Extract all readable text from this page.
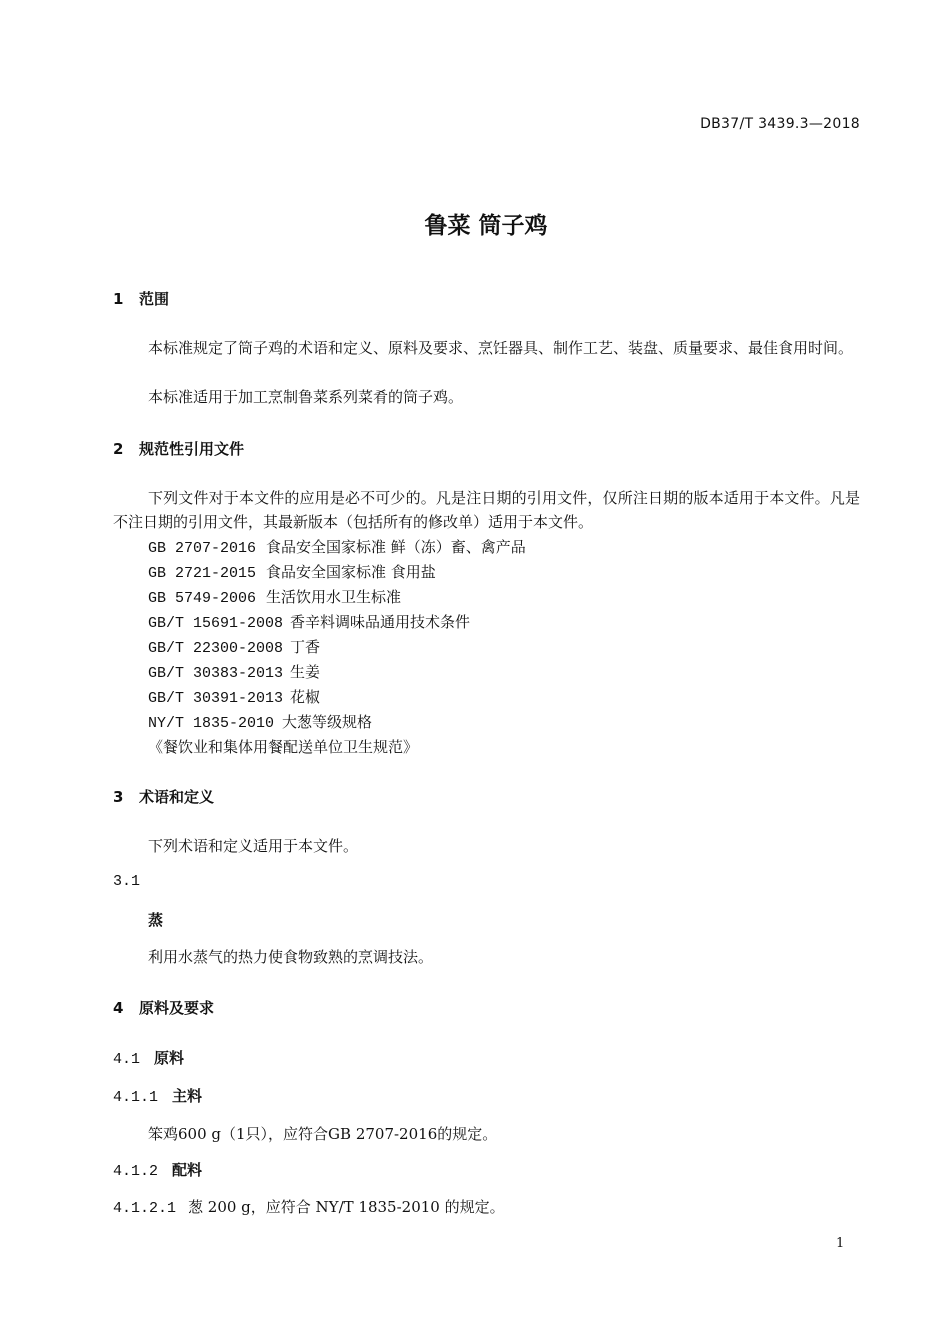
DB37/T 3439.3—2018
鲁菜 筒子鸡
1 范围
本标准规定了筒子鸡的术语和定义、原料及要求、烹饪器具、制作工艺、装盘、质量要求、最佳食用时间。
本标准适用于加工烹制鲁菜系列菜肴的筒子鸡。
2 规范性引用文件
下列文件对于本文件的应用是必不可少的。凡是注日期的引用文件，仅所注日期的版本适用于本文件。凡是不注日期的引用文件，其最新版本（包括所有的修改单）适用于本文件。
GB 2707-2016 食品安全国家标准 鲜（冻）畜、禽产品
GB 2721-2015 食品安全国家标准 食用盐
GB 5749-2006 生活饮用水卫生标准
GB/T 15691-2008 香辛料调味品通用技术条件
GB/T 22300-2008 丁香
GB/T 30383-2013 生姜
GB/T 30391-2013 花椒
NY/T 1835-2010 大葱等级规格
《餐饮业和集体用餐配送单位卫生规范》
3 术语和定义
下列术语和定义适用于本文件。
3.1
蒸
利用水蒸气的热力使食物致熟的烹调技法。
4 原料及要求
4.1 原料
4.1.1 主料
笨鸡600 g（1只），应符合GB 2707-2016的规定。
4.1.2 配料
4.1.2.1 葱 200 g，应符合 NY/T 1835-2010 的规定。
1
